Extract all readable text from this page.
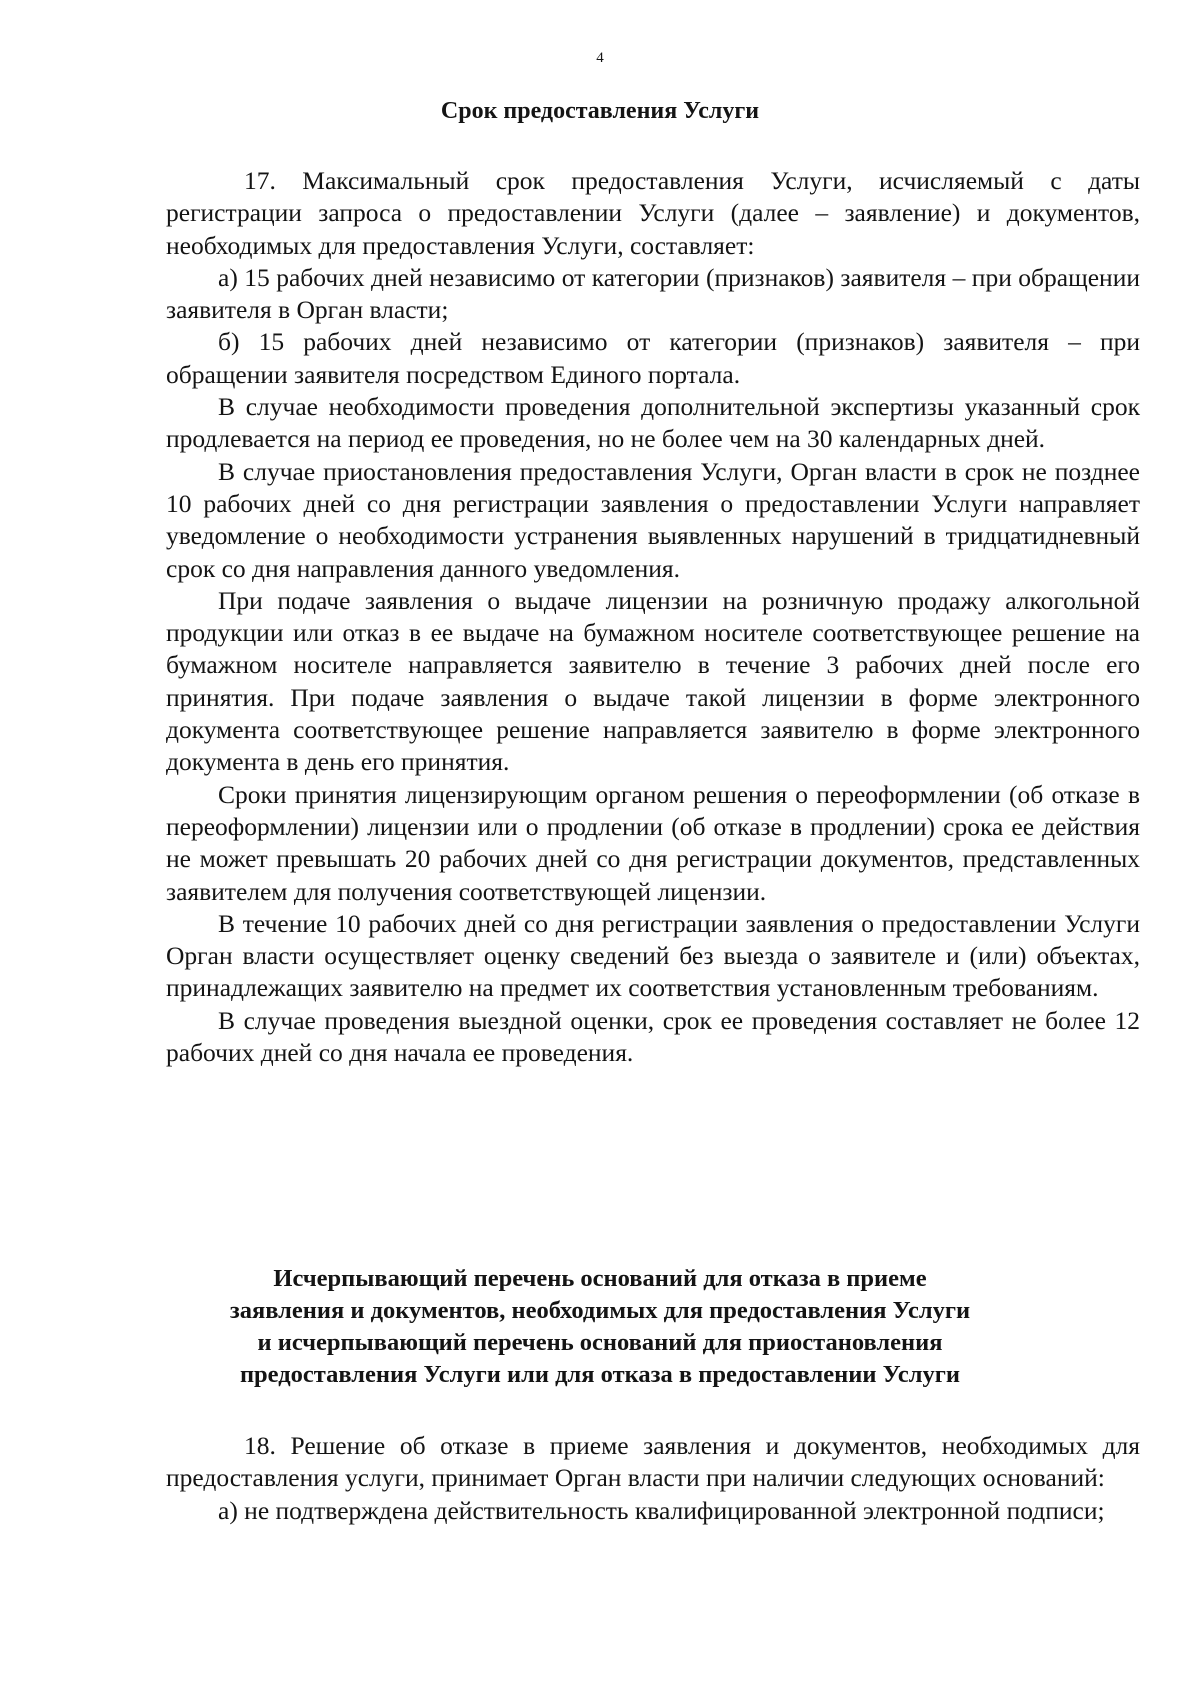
4
Срок предоставления Услуги

17. Максимальный срок предоставления Услуги, исчисляемый с даты регистрации запроса о предоставлении Услуги (далее – заявление) и документов, необходимых для предоставления Услуги, составляет:

а) 15 рабочих дней независимо от категории (признаков) заявителя – при обращении заявителя в Орган власти;

б) 15 рабочих дней независимо от категории (признаков) заявителя – при обращении заявителя посредством Единого портала.

В случае необходимости проведения дополнительной экспертизы указанный срок продлевается на период ее проведения, но не более чем на 30 календарных дней.

В случае приостановления предоставления Услуги, Орган власти в срок не позднее 10 рабочих дней со дня регистрации заявления о предоставлении Услуги направляет уведомление о необходимости устранения выявленных нарушений в тридцатидневный срок со дня направления данного уведомления.

При подаче заявления о выдаче лицензии на розничную продажу алкогольной продукции или отказ в ее выдаче на бумажном носителе соответствующее решение на бумажном носителе направляется заявителю в течение 3 рабочих дней после его принятия. При подаче заявления о выдаче такой лицензии в форме электронного документа соответствующее решение направляется заявителю в форме электронного документа в день его принятия.

Сроки принятия лицензирующим органом решения о переоформлении (об отказе в переоформлении) лицензии или о продлении (об отказе в продлении) срока ее действия не может превышать 20 рабочих дней со дня регистрации документов, представленных заявителем для получения соответствующей лицензии.

В течение 10 рабочих дней со дня регистрации заявления о предоставлении Услуги Орган власти осуществляет оценку сведений без выезда о заявителе и (или) объектах, принадлежащих заявителю на предмет их соответствия установленным требованиям.

В случае проведения выездной оценки, срок ее проведения составляет не более 12 рабочих дней со дня начала ее проведения.

Исчерпывающий перечень оснований для отказа в приеме
заявления и документов, необходимых для предоставления Услуги
и исчерпывающий перечень оснований для приостановления
предоставления Услуги или для отказа в предоставлении Услуги

18. Решение об отказе в приеме заявления и документов, необходимых для предоставления услуги, принимает Орган власти при наличии следующих оснований:

а) не подтверждена действительность квалифицированной электронной подписи;
